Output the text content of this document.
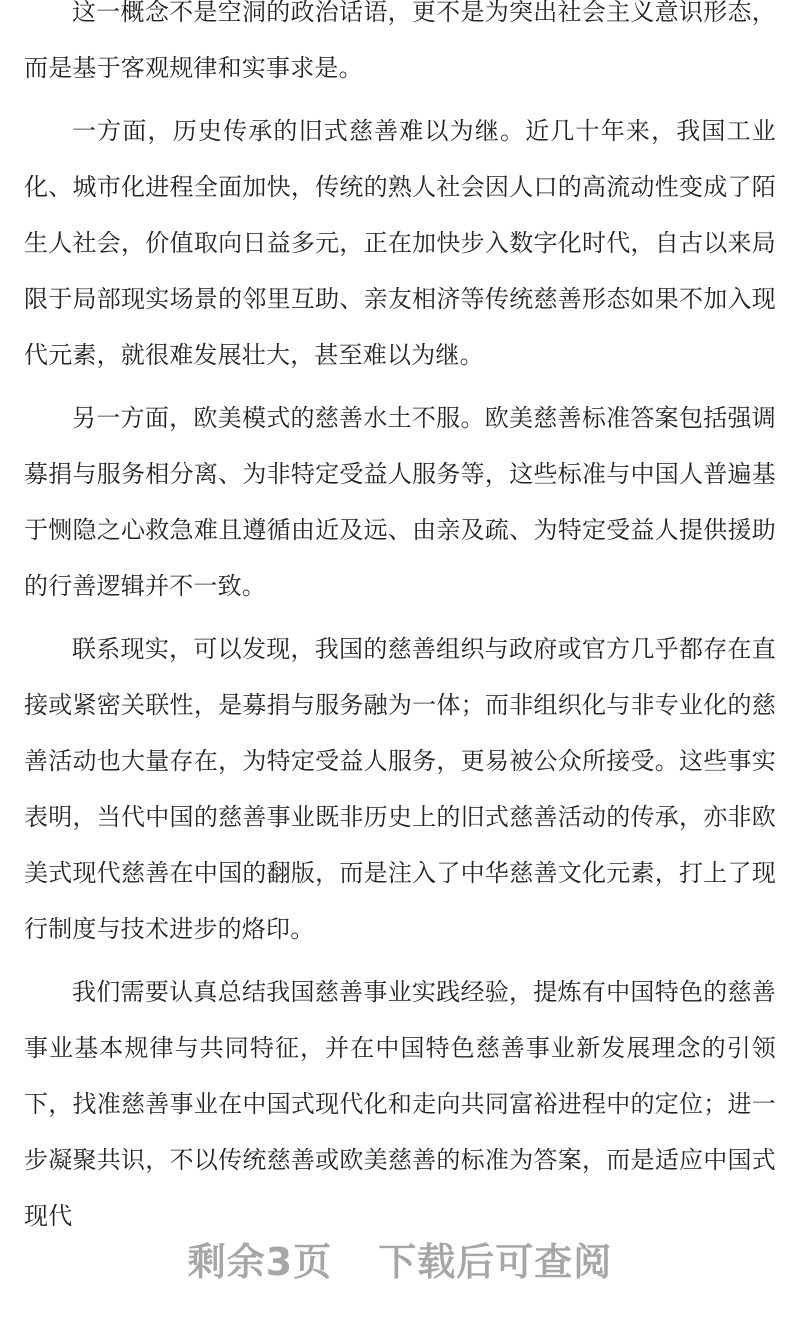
这一概念不是空洞的政治话语，更不是为突出社会主义意识形态，而是基于客观规律和实事求是。

一方面，历史传承的旧式慈善难以为继。近几十年来，我国工业化、城市化进程全面加快，传统的熟人社会因人口的高流动性变成了陌生人社会，价值取向日益多元，正在加快步入数字化时代，自古以来局限于局部现实场景的邻里互助、亲友相济等传统慈善形态如果不加入现代元素，就很难发展壮大，甚至难以为继。

另一方面，欧美模式的慈善水土不服。欧美慈善标准答案包括强调募捐与服务相分离、为非特定受益人服务等，这些标准与中国人普遍基于恻隐之心救急难且遵循由近及远、由亲及疏、为特定受益人提供援助的行善逻辑并不一致。

联系现实，可以发现，我国的慈善组织与政府或官方几乎都存在直接或紧密关联性，是募捐与服务融为一体；而非组织化与非专业化的慈善活动也大量存在，为特定受益人服务，更易被公众所接受。这些事实表明，当代中国的慈善事业既非历史上的旧式慈善活动的传承，亦非欧美式现代慈善在中国的翻版，而是注入了中华慈善文化元素，打上了现行制度与技术进步的烙印。

我们需要认真总结我国慈善事业实践经验，提炼有中国特色的慈善事业基本规律与共同特征，并在中国特色慈善事业新发展理念的引领下，找准慈善事业在中国式现代化和走向共同富裕进程中的定位；进一步凝聚共识，不以传统慈善或欧美慈善的标准为答案，而是适应中国式现代

剩余3页 下载后可查阅
